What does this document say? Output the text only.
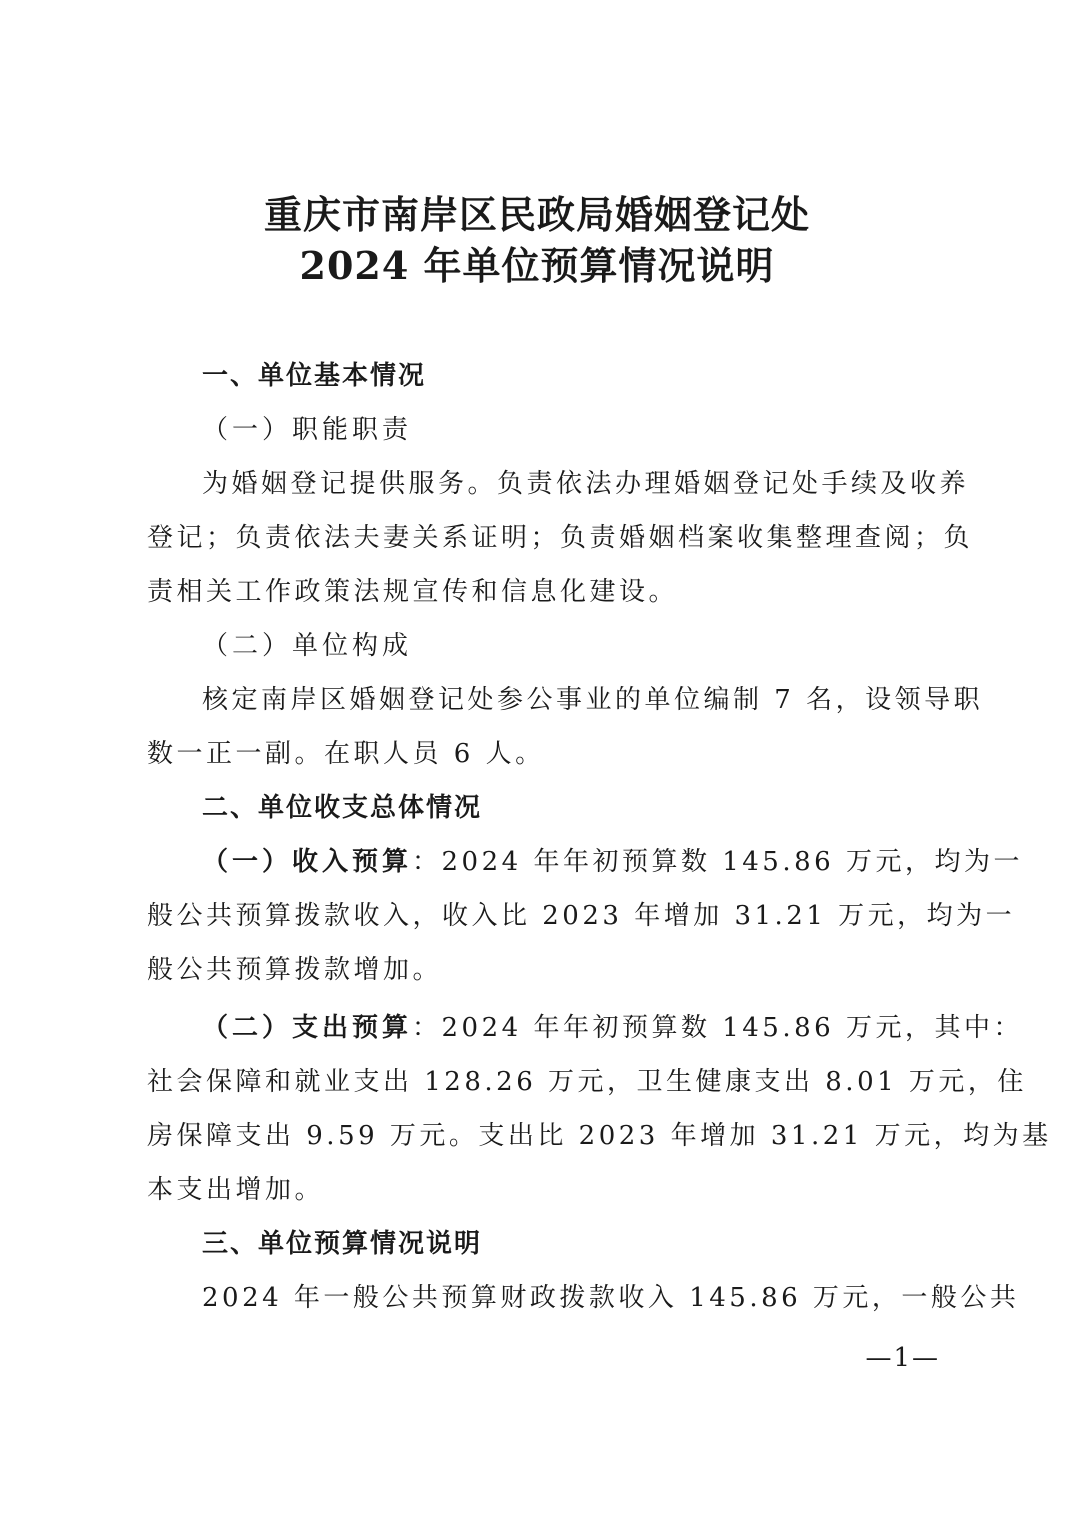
重庆市南岸区民政局婚姻登记处
2024 年单位预算情况说明
一、单位基本情况
（一）职能职责
为婚姻登记提供服务。负责依法办理婚姻登记处手续及收养
登记；负责依法夫妻关系证明；负责婚姻档案收集整理查阅；负
责相关工作政策法规宣传和信息化建设。
（二）单位构成
核定南岸区婚姻登记处参公事业的单位编制 7 名，设领导职
数一正一副。在职人员 6 人。
二、单位收支总体情况
（一）收入预算：2024 年年初预算数 145.86 万元，均为一
般公共预算拨款收入，收入比 2023 年增加 31.21 万元，均为一
般公共预算拨款增加。
（二）支出预算：2024 年年初预算数 145.86 万元，其中：
社会保障和就业支出 128.26 万元，卫生健康支出 8.01 万元，住
房保障支出 9.59 万元。支出比 2023 年增加 31.21 万元，均为基
本支出增加。
三、单位预算情况说明
2024 年一般公共预算财政拨款收入 145.86 万元，一般公共
—1—
